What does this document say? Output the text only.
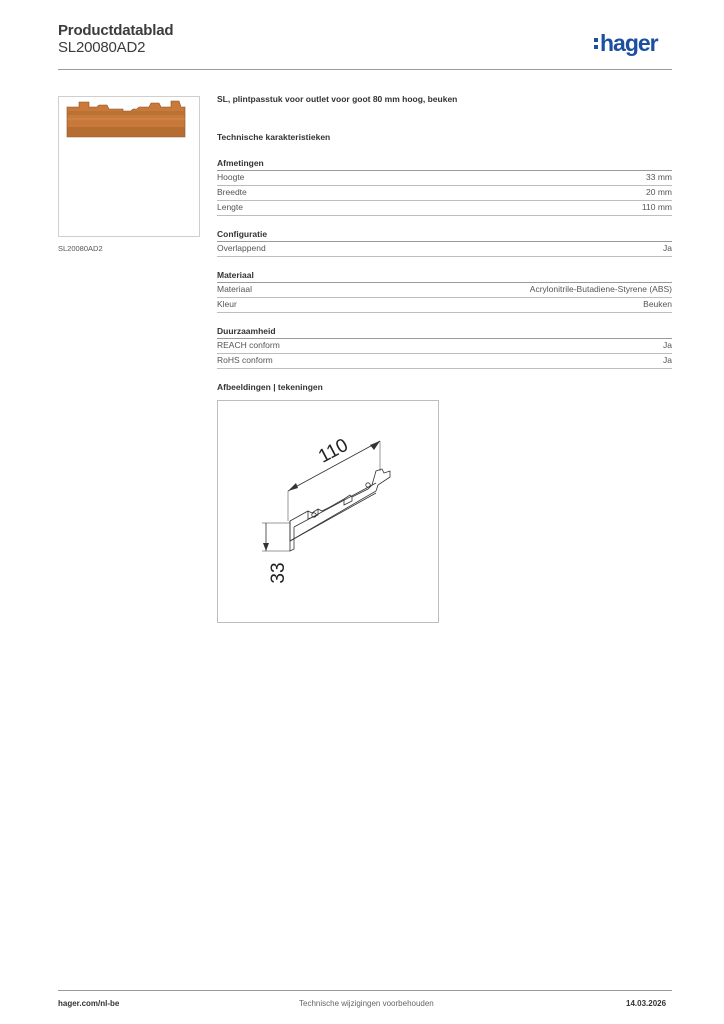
Productdatablad
SL20080AD2	hager
SL20080AD2
SL, plintpasstuk voor outlet voor goot 80 mm hoog, beuken
Technische karakteristieken
Afmetingen
Hoogte	33 mm
Breedte	20 mm
Lengte	110 mm
Configuratie
Overlappend	Ja
Materiaal
Materiaal	Acrylonitrile-Butadiene-Styrene (ABS)
Kleur	Beuken
Duurzaamheid
REACH conform	Ja
RoHS conform	Ja
Afbeeldingen | tekeningen
110
33
hager.com/nl-be	Technische wijzigingen voorbehouden	14.03.2026
